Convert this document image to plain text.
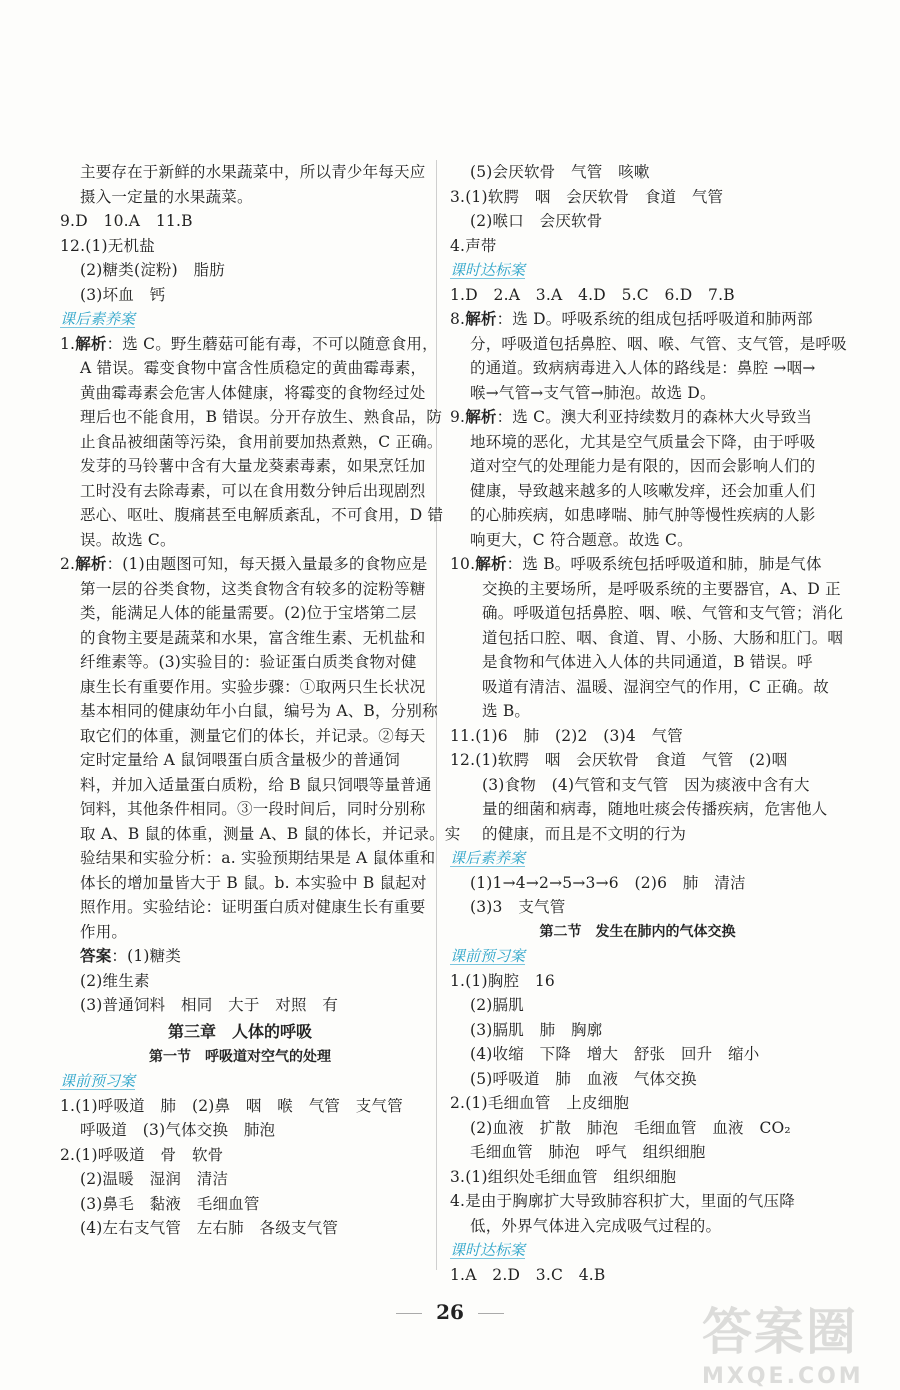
主要存在于新鲜的水果蔬菜中，所以青少年每天应
摄入一定量的水果蔬菜。
9.D　10.A　11.B
12.(1)无机盐
(2)糖类(淀粉)　脂肪
(3)坏血　钙
课后素养案
1.解析：选 C。野生蘑菇可能有毒，不可以随意食用，
A 错误。霉变食物中富含性质稳定的黄曲霉毒素，
黄曲霉毒素会危害人体健康，将霉变的食物经过处
理后也不能食用，B 错误。分开存放生、熟食品，防
止食品被细菌等污染，食用前要加热煮熟，C 正确。
发芽的马铃薯中含有大量龙葵素毒素，如果烹饪加
工时没有去除毒素，可以在食用数分钟后出现剧烈
恶心、呕吐、腹痛甚至电解质紊乱，不可食用，D 错
误。故选 C。
2.解析：(1)由题图可知，每天摄入量最多的食物应是
第一层的谷类食物，这类食物含有较多的淀粉等糖
类，能满足人体的能量需要。(2)位于宝塔第二层
的食物主要是蔬菜和水果，富含维生素、无机盐和
纤维素等。(3)实验目的：验证蛋白质类食物对健
康生长有重要作用。实验步骤：①取两只生长状况
基本相同的健康幼年小白鼠，编号为 A、B，分别称
取它们的体重，测量它们的体长，并记录。②每天
定时定量给 A 鼠饲喂蛋白质含量极少的普通饲
料，并加入适量蛋白质粉，给 B 鼠只饲喂等量普通
饲料，其他条件相同。③一段时间后，同时分别称
取 A、B 鼠的体重，测量 A、B 鼠的体长，并记录。实
验结果和实验分析：a. 实验预期结果是 A 鼠体重和
体长的增加量皆大于 B 鼠。b. 本实验中 B 鼠起对
照作用。实验结论：证明蛋白质对健康生长有重要
作用。
答案：(1)糖类
(2)维生素
(3)普通饲料　相同　大于　对照　有
第三章　人体的呼吸
第一节　呼吸道对空气的处理
课前预习案
1.(1)呼吸道　肺　(2)鼻　咽　喉　气管　支气管
呼吸道　(3)气体交换　肺泡
2.(1)呼吸道　骨　软骨
(2)温暖　湿润　清洁
(3)鼻毛　黏液　毛细血管
(4)左右支气管　左右肺　各级支气管
(5)会厌软骨　气管　咳嗽
3.(1)软腭　咽　会厌软骨　食道　气管
(2)喉口　会厌软骨
4.声带
课时达标案
1.D　2.A　3.A　4.D　5.C　6.D　7.B
8.解析：选 D。呼吸系统的组成包括呼吸道和肺两部
分，呼吸道包括鼻腔、咽、喉、气管、支气管，是呼吸
的通道。致病病毒进入人体的路线是：鼻腔 →咽→
喉→气管→支气管→肺泡。故选 D。
9.解析：选 C。澳大利亚持续数月的森林大火导致当
地环境的恶化，尤其是空气质量会下降，由于呼吸
道对空气的处理能力是有限的，因而会影响人们的
健康，导致越来越多的人咳嗽发痒，还会加重人们
的心肺疾病，如患哮喘、肺气肿等慢性疾病的人影
响更大，C 符合题意。故选 C。
10.解析：选 B。呼吸系统包括呼吸道和肺，肺是气体
交换的主要场所，是呼吸系统的主要器官，A、D 正
确。呼吸道包括鼻腔、咽、喉、气管和支气管；消化
道包括口腔、咽、食道、胃、小肠、大肠和肛门。咽
是食物和气体进入人体的共同通道，B 错误。呼
吸道有清洁、温暖、湿润空气的作用，C 正确。故
选 B。
11.(1)6　肺　(2)2　(3)4　气管
12.(1)软腭　咽　会厌软骨　食道　气管　(2)咽
(3)食物　(4)气管和支气管　因为痰液中含有大
量的细菌和病毒，随地吐痰会传播疾病，危害他人
的健康，而且是不文明的行为
课后素养案
(1)1→4→2→5→3→6　(2)6　肺　清洁
(3)3　支气管
第二节　发生在肺内的气体交换
课前预习案
1.(1)胸腔　16
(2)膈肌
(3)膈肌　肺　胸廓
(4)收缩　下降　增大　舒张　回升　缩小
(5)呼吸道　肺　血液　气体交换
2.(1)毛细血管　上皮细胞
(2)血液　扩散　肺泡　毛细血管　血液　CO₂
毛细血管　肺泡　呼气　组织细胞
3.(1)组织处毛细血管　组织细胞
4.是由于胸廓扩大导致肺容积扩大，里面的气压降
低，外界气体进入完成吸气过程的。
课时达标案
1.A　2.D　3.C　4.B
26	答案圈
MXQE.COM
